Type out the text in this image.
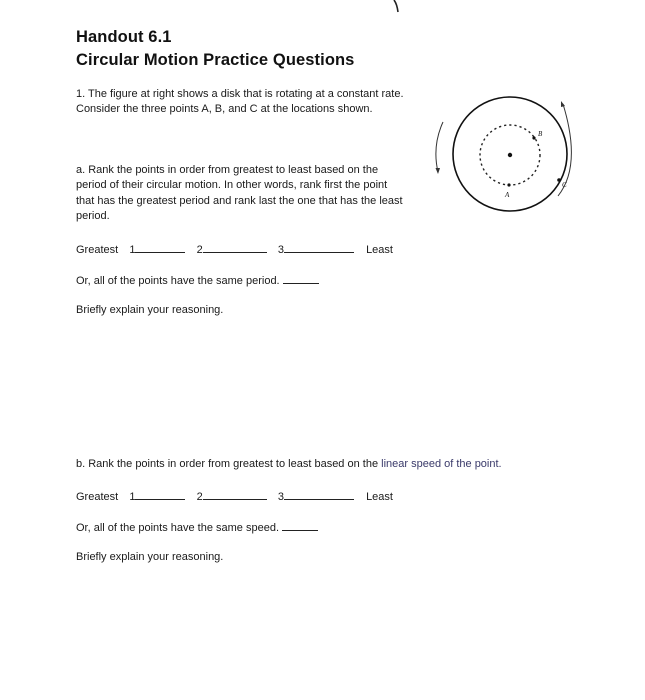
Handout 6.1
Circular Motion Practice Questions
1. The figure at right shows a disk that is rotating at a constant rate.
Consider the three points A, B, and C at the locations shown.
B
A
C
a. Rank the points in order from greatest to least based on the
period of their circular motion. In other words, rank first the point
that has the greatest period and rank last the one that has the least
period.
Greatest 1	2	3	Least
Or, all of the points have the same period.
Briefly explain your reasoning.
b. Rank the points in order from greatest to least based on the linear speed of the point.
Greatest 1	2	3	Least
Or, all of the points have the same speed.
Briefly explain your reasoning.
